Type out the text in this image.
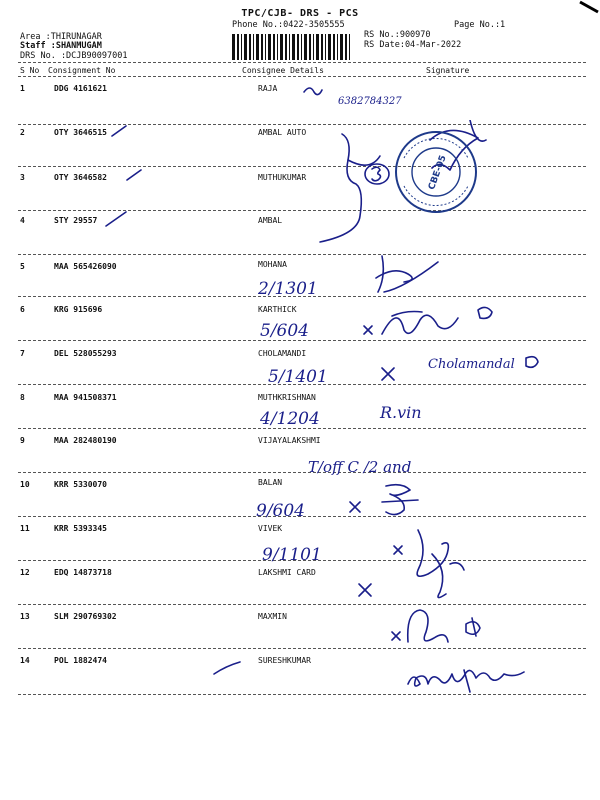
TPC/CJB- DRS - PCS
Phone No.:0422-3505555	Page No.:1
Area :THIRUNAGAR
Staff :SHANMUGAM
DRS No. :DCJB90097001
RS No.:900970
RS Date:04-Mar-2022
S No Consignment No	Consignee Details	Signature
1	DDG 4161621	RAJA
2	OTY 3646515	AMBAL AUTO
3	OTY 3646582	MUTHUKUMAR
4	STY 29557	AMBAL
5	MAA 565426090	MOHANA
6	KRG 915696	KARTHICK
7	DEL 528055293	CHOLAMANDI
8	MAA 941508371	MUTHKRISHNAN
9	MAA 282480190	VIJAYALAKSHMI
10	KRR 5330070	BALAN
11	KRR 5393345	VIVEK
12	EDQ 14873718	LAKSHMI CARD
13	SLM 290769302	MAXMIN
14	POL 1882474	SURESHKUMAR
6382784327
CBE-05
2/1301
5/604
5/1401
Cholamandal
4/1204	R.vin
T/off C /2 and
9/604
9/1101
